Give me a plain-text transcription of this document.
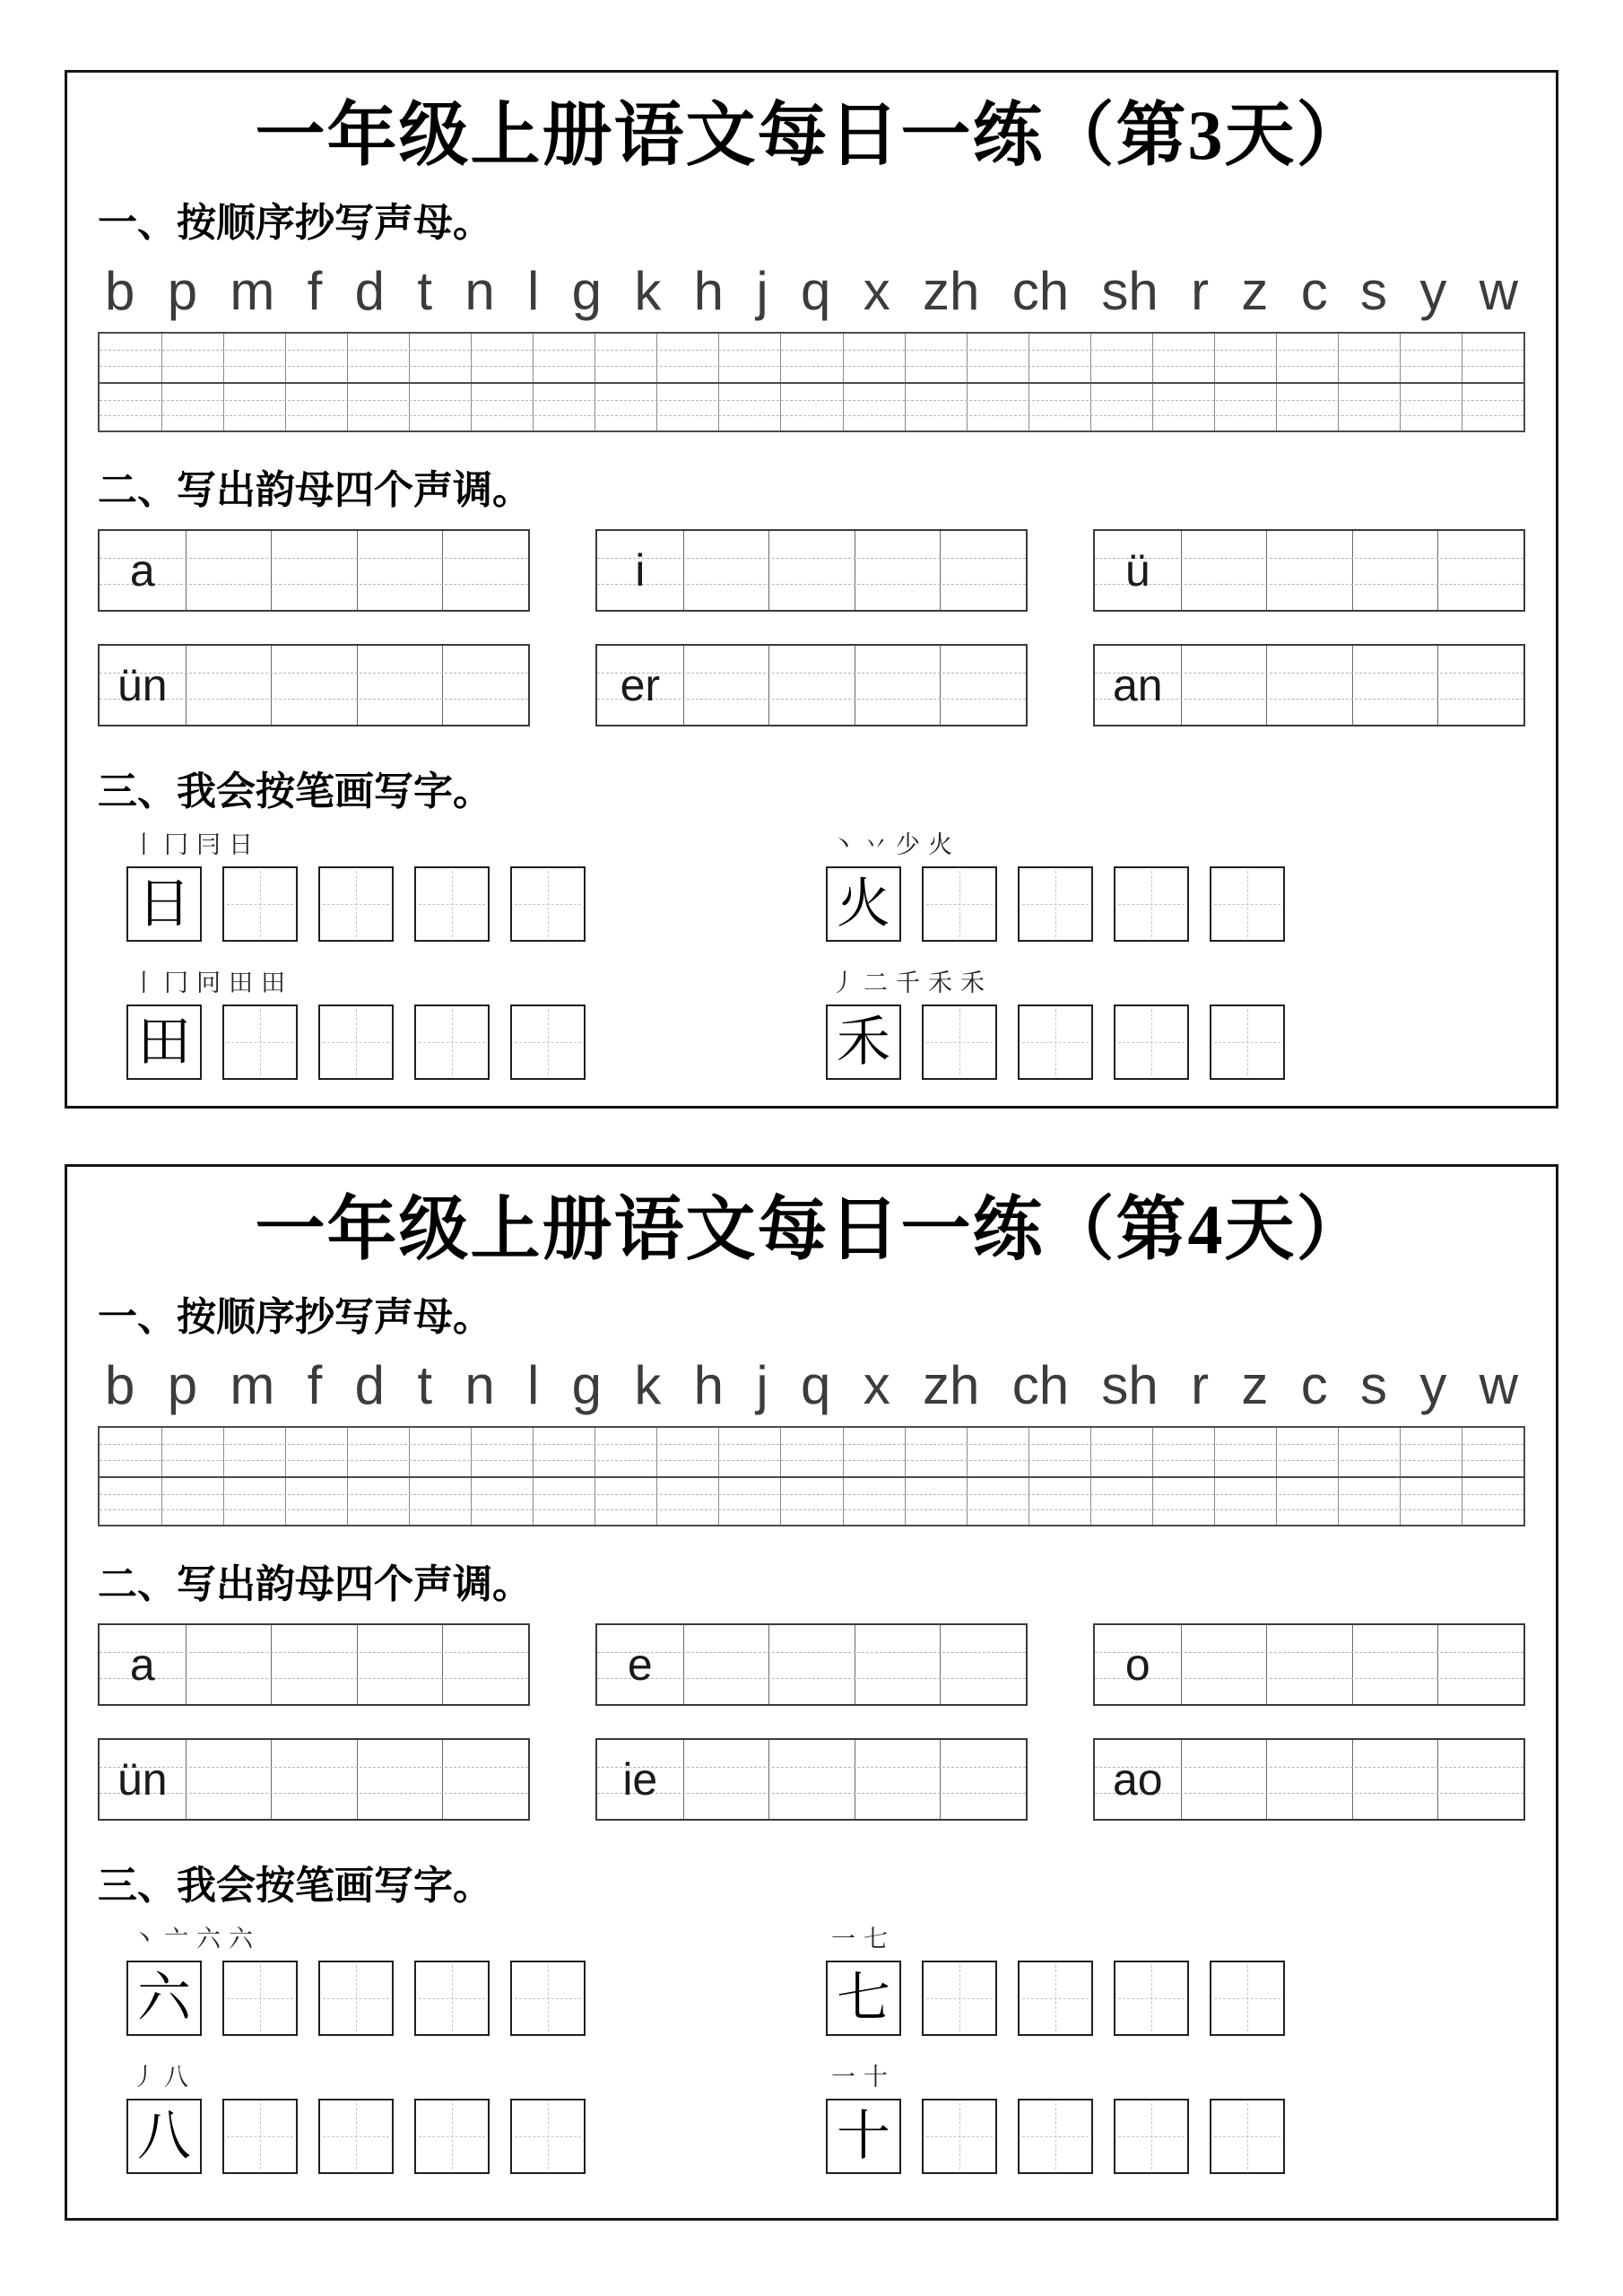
一年级上册语文每日一练（第3天）
一、按顺序抄写声母。
b p m f d t n l g k h j q x zh ch sh r z c s y w
二、写出韵母四个声调。
a	i	ü
ün	er	an
三、我会按笔画写字。
丨冂冃日
日
丶丷少火
火
丨冂冋田田
田
丿二千禾禾
禾
一年级上册语文每日一练（第4天）
一、按顺序抄写声母。
b p m f d t n l g k h j q x zh ch sh r z c s y w
二、写出韵母四个声调。
a	e	o
ün	ie	ao
三、我会按笔画写字。
丶亠六六
六
一七
七
丿八
八
一十
十
